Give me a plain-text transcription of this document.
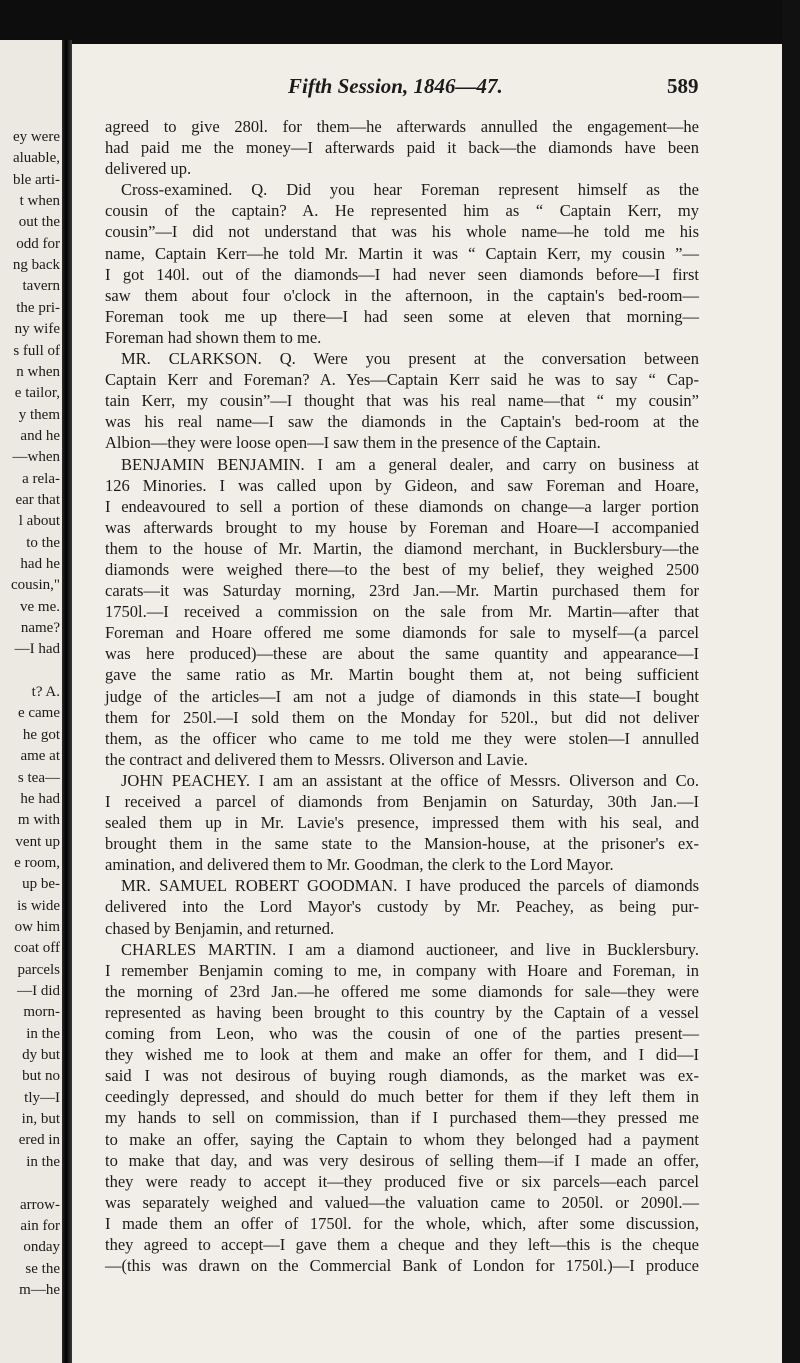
ey were
aluable,
ble arti-
t when
out the
odd for
ng back
tavern
the pri-
ny wife
s full of
n when
e tailor,
y them
and he
—when
a rela-
ear that
l about
to the
had he
cousin,"
ve me.
name?
—I had
t? A.
e came
he got
ame at
s tea—
he had
m with
vent up
e room,
up be-
is wide
ow him
coat off
parcels
—I did
morn-
in the
dy but
but no
tly—I
in, but
ered in
in the
arrow-
ain for
onday
se the
m—he
Fifth Session, 1846—47.	589
agreed to give 280l. for them—he afterwards annulled the engagement—he
had paid me the money—I afterwards paid it back—the diamonds have been
delivered up.
Cross-examined. Q. Did you hear Foreman represent himself as the
cousin of the captain? A. He represented him as “ Captain Kerr, my
cousin”—I did not understand that was his whole name—he told me his
name, Captain Kerr—he told Mr. Martin it was “ Captain Kerr, my cousin ”—
I got 140l. out of the diamonds—I had never seen diamonds before—I first
saw them about four o'clock in the afternoon, in the captain's bed-room—
Foreman took me up there—I had seen some at eleven that morning—
Foreman had shown them to me.
MR. CLARKSON. Q. Were you present at the conversation between
Captain Kerr and Foreman? A. Yes—Captain Kerr said he was to say “ Cap-
tain Kerr, my cousin”—I thought that was his real name—that “ my cousin”
was his real name—I saw the diamonds in the Captain's bed-room at the
Albion—they were loose open—I saw them in the presence of the Captain.
BENJAMIN BENJAMIN. I am a general dealer, and carry on business at
126 Minories. I was called upon by Gideon, and saw Foreman and Hoare,
I endeavoured to sell a portion of these diamonds on change—a larger portion
was afterwards brought to my house by Foreman and Hoare—I accompanied
them to the house of Mr. Martin, the diamond merchant, in Bucklersbury—the
diamonds were weighed there—to the best of my belief, they weighed 2500
carats—it was Saturday morning, 23rd Jan.—Mr. Martin purchased them for
1750l.—I received a commission on the sale from Mr. Martin—after that
Foreman and Hoare offered me some diamonds for sale to myself—(a parcel
was here produced)—these are about the same quantity and appearance—I
gave the same ratio as Mr. Martin bought them at, not being sufficient
judge of the articles—I am not a judge of diamonds in this state—I bought
them for 250l.—I sold them on the Monday for 520l., but did not deliver
them, as the officer who came to me told me they were stolen—I annulled
the contract and delivered them to Messrs. Oliverson and Lavie.
JOHN PEACHEY. I am an assistant at the office of Messrs. Oliverson and Co.
I received a parcel of diamonds from Benjamin on Saturday, 30th Jan.—I
sealed them up in Mr. Lavie's presence, impressed them with his seal, and
brought them in the same state to the Mansion-house, at the prisoner's ex-
amination, and delivered them to Mr. Goodman, the clerk to the Lord Mayor.
MR. SAMUEL ROBERT GOODMAN. I have produced the parcels of diamonds
delivered into the Lord Mayor's custody by Mr. Peachey, as being pur-
chased by Benjamin, and returned.
CHARLES MARTIN. I am a diamond auctioneer, and live in Bucklersbury.
I remember Benjamin coming to me, in company with Hoare and Foreman, in
the morning of 23rd Jan.—he offered me some diamonds for sale—they were
represented as having been brought to this country by the Captain of a vessel
coming from Leon, who was the cousin of one of the parties present—
they wished me to look at them and make an offer for them, and I did—I
said I was not desirous of buying rough diamonds, as the market was ex-
ceedingly depressed, and should do much better for them if they left them in
my hands to sell on commission, than if I purchased them—they pressed me
to make an offer, saying the Captain to whom they belonged had a payment
to make that day, and was very desirous of selling them—if I made an offer,
they were ready to accept it—they produced five or six parcels—each parcel
was separately weighed and valued—the valuation came to 2050l. or 2090l.—
I made them an offer of 1750l. for the whole, which, after some discussion,
they agreed to accept—I gave them a cheque and they left—this is the cheque
—(this was drawn on the Commercial Bank of London for 1750l.)—I produce
